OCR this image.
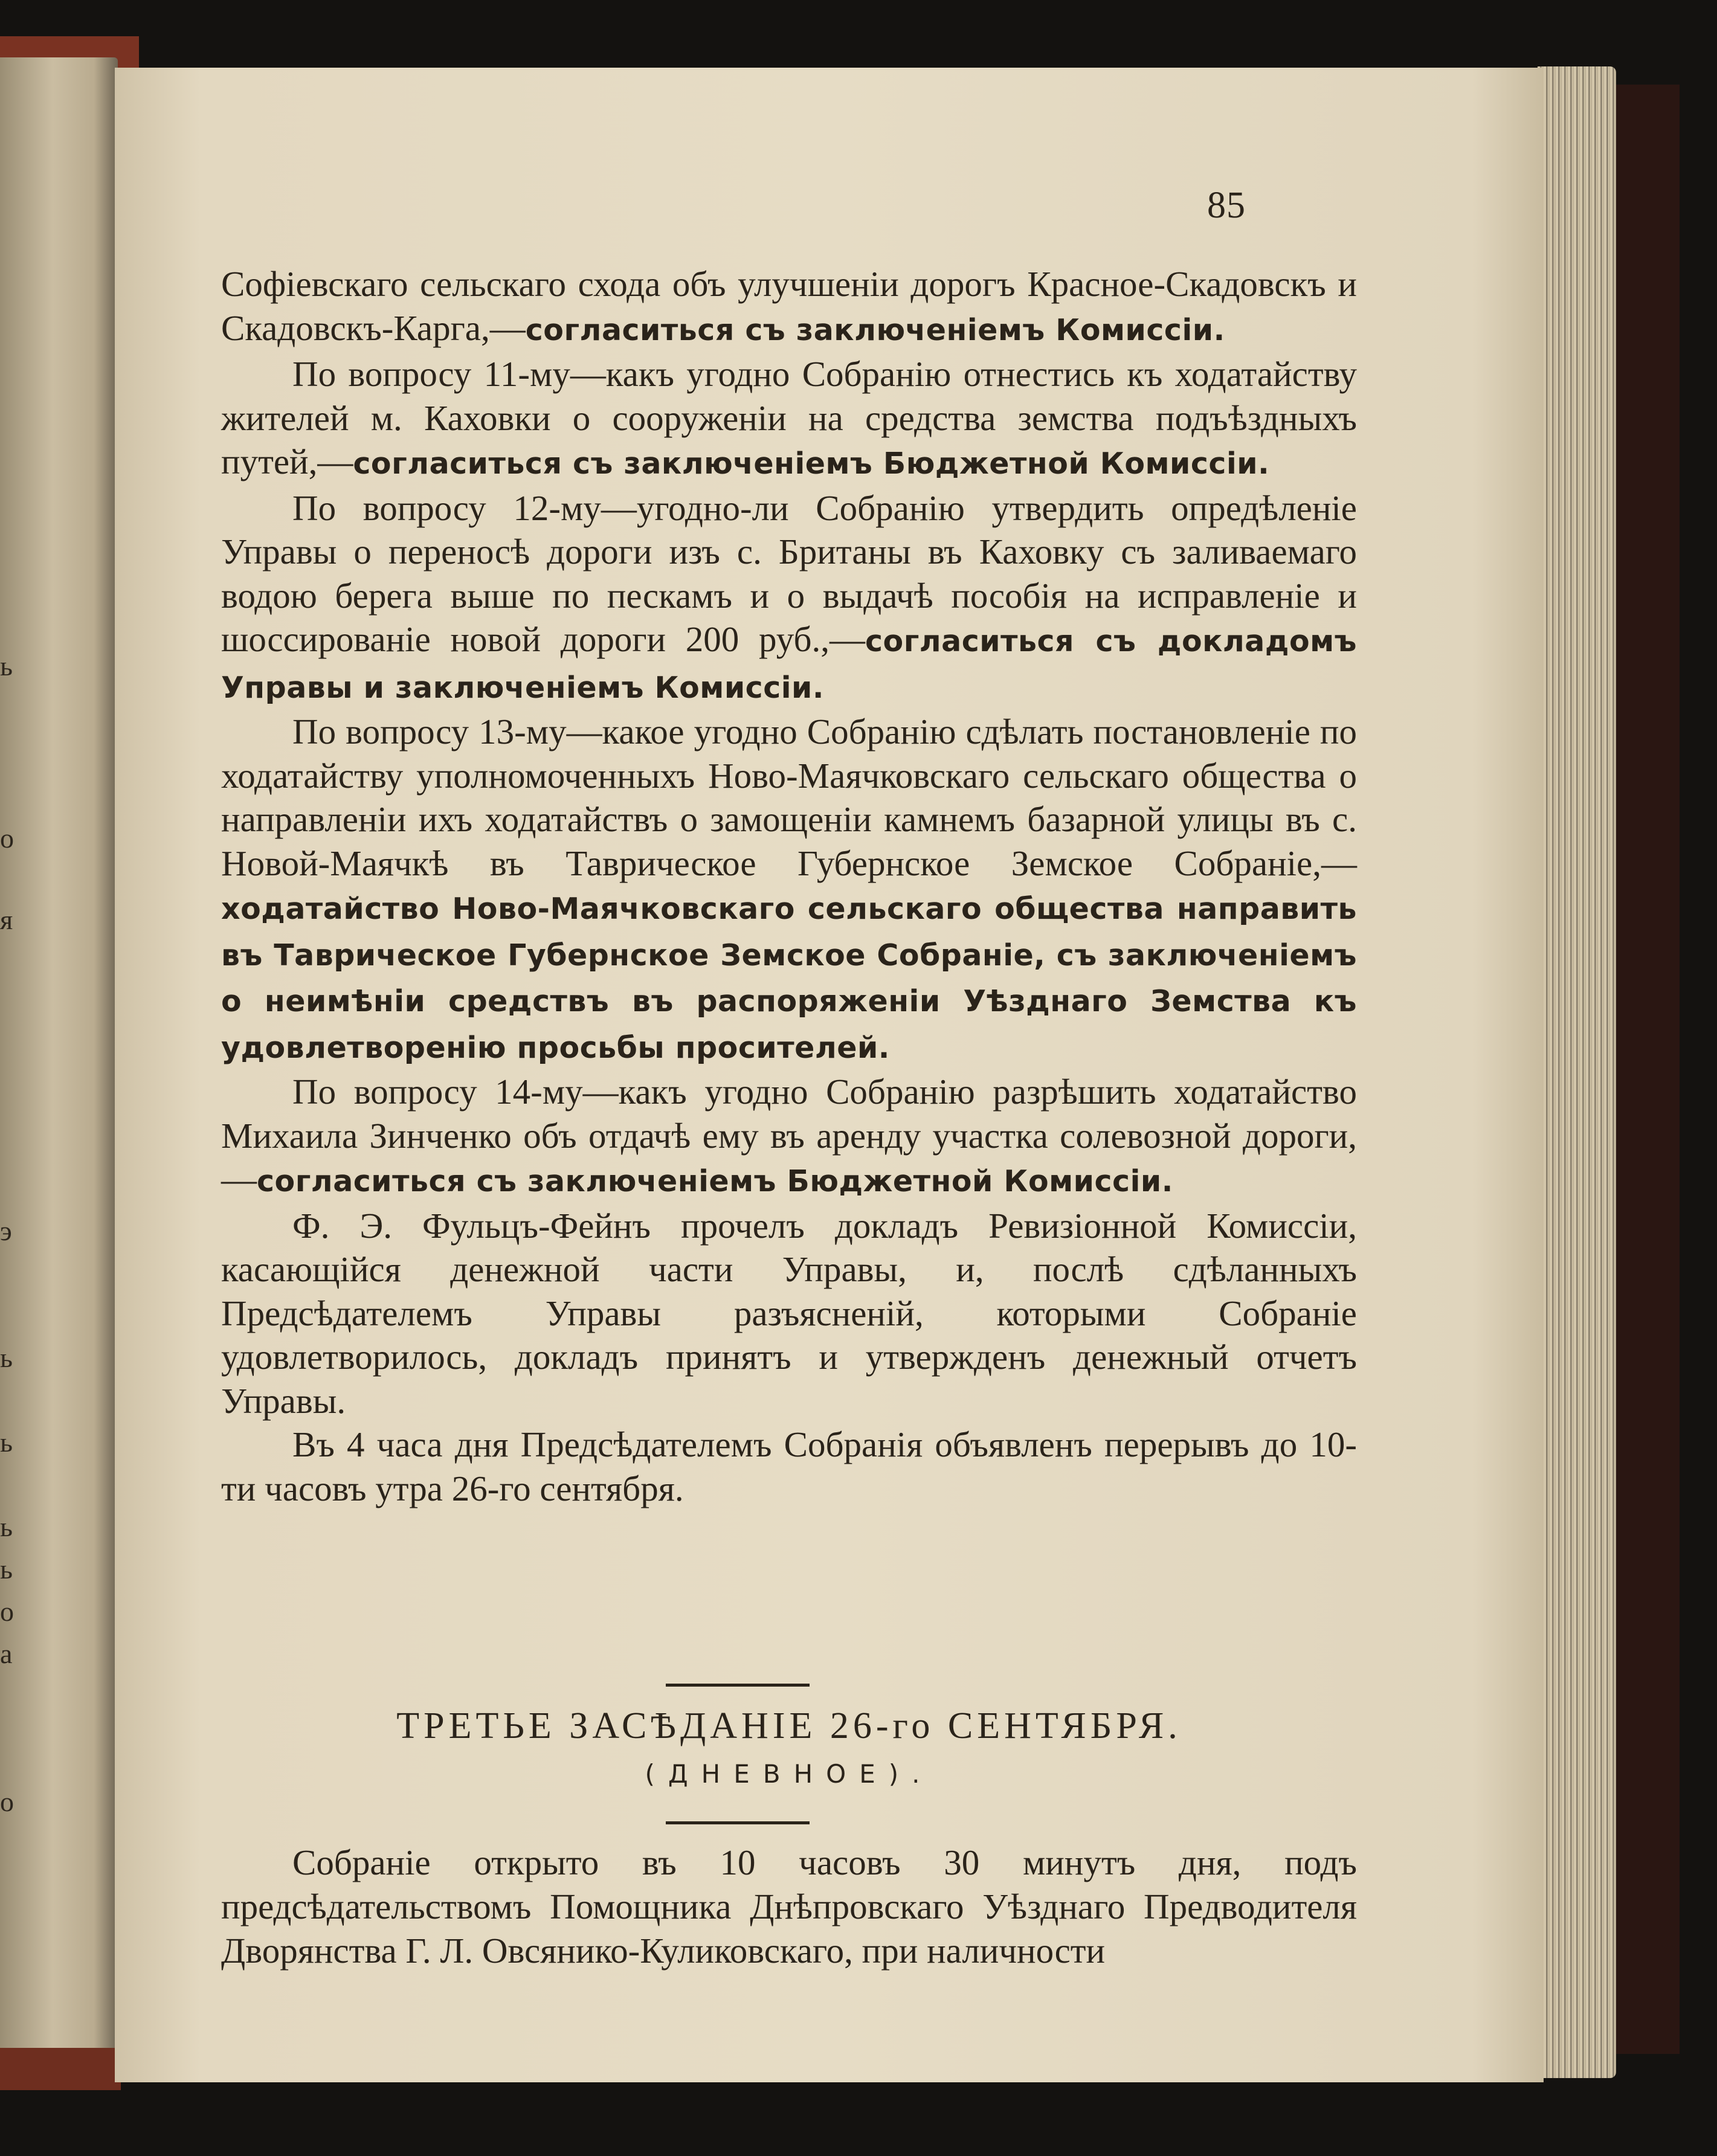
ь
о
я
э
ь
ь
ь
ь
о
а
о
85

Софіевскаго сельскаго схода объ улучшеніи дорогъ Красное-Скадовскъ и Скадовскъ-Карга,—согласиться съ заключеніемъ Комиссіи.

По вопросу 11-му—какъ угодно Собранію отнестись къ ходатайству жителей м. Каховки о сооруженіи на средства земства подъѣздныхъ путей,—согласиться съ заключеніемъ Бюджетной Комиссіи.

По вопросу 12-му—угодно-ли Собранію утвердить опредѣленіе Управы о переносѣ дороги изъ с. Британы въ Каховку съ заливаемаго водою берега выше по пескамъ и о выдачѣ пособія на исправленіе и шоссированіе новой дороги 200 руб.,—согласиться съ докладомъ Управы и заключеніемъ Комиссіи.

По вопросу 13-му—какое угодно Собранію сдѣлать постановленіе по ходатайству уполномоченныхъ Ново-Маячковскаго сельскаго общества о направленіи ихъ ходатайствъ о замощеніи камнемъ базарной улицы въ с. Новой-Маячкѣ въ Таврическое Губернское Земское Собраніе,—ходатайство Ново-Маячковскаго сельскаго общества направить въ Таврическое Губернское Земское Собраніе, съ заключеніемъ о неимѣніи средствъ въ распоряженіи Уѣзднаго Земства къ удовлетворенію просьбы просителей.

По вопросу 14-му—какъ угодно Собранію разрѣшить ходатайство Михаила Зинченко объ отдачѣ ему въ аренду участка солевозной дороги,—согласиться съ заключеніемъ Бюджетной Комиссіи.

Ф. Э. Фульцъ-Фейнъ прочелъ докладъ Ревизіонной Комиссіи, касающійся денежной части Управы, и, послѣ сдѣланныхъ Предсѣдателемъ Управы разъясненій, которыми Собраніе удовлетворилось, докладъ принятъ и утвержденъ денежный отчетъ Управы.

Въ 4 часа дня Предсѣдателемъ Собранія объявленъ перерывъ до 10-ти часовъ утра 26-го сентября.

ТРЕТЬЕ ЗАСѢДАНІЕ 26-го СЕНТЯБРЯ.
(ДНЕВНОЕ).

Собраніе открыто въ 10 часовъ 30 минутъ дня, подъ предсѣдательствомъ Помощника Днѣпровскаго Уѣзднаго Предводителя Дворянства Г. Л. Овсянико-Куликовскаго, при наличности
